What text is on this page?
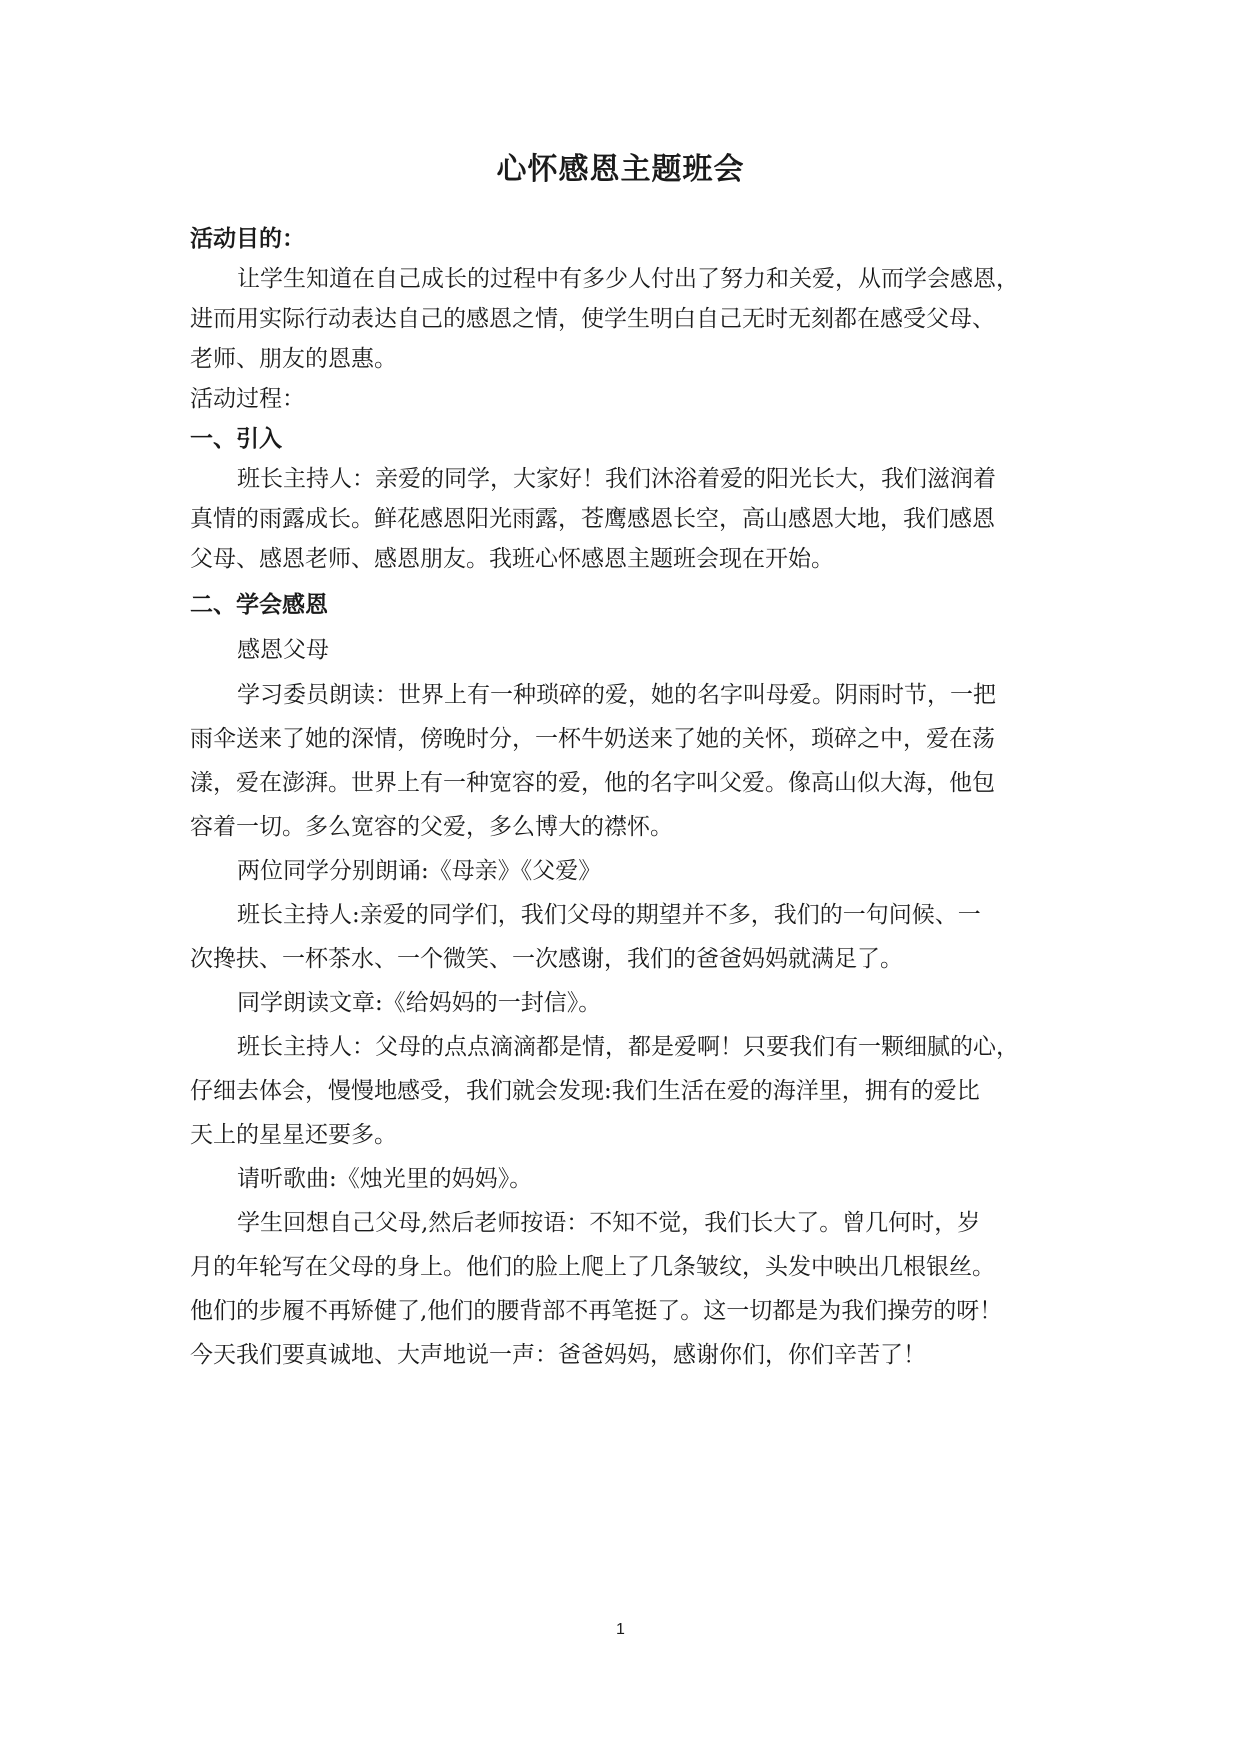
心怀感恩主题班会
活动目的：
让学生知道在自己成长的过程中有多少人付出了努力和关爱，从而学会感恩，
进而用实际行动表达自己的感恩之情，使学生明白自己无时无刻都在感受父母、
老师、朋友的恩惠。
活动过程：
一、引入
班长主持人：亲爱的同学，大家好！我们沐浴着爱的阳光长大，我们滋润着
真情的雨露成长。鲜花感恩阳光雨露，苍鹰感恩长空，高山感恩大地，我们感恩
父母、感恩老师、感恩朋友。我班心怀感恩主题班会现在开始。
二、学会感恩
感恩父母
学习委员朗读：世界上有一种琐碎的爱，她的名字叫母爱。阴雨时节，一把
雨伞送来了她的深情，傍晚时分，一杯牛奶送来了她的关怀，琐碎之中，爱在荡
漾，爱在澎湃。世界上有一种宽容的爱，他的名字叫父爱。像高山似大海，他包
容着一切。多么宽容的父爱，多么博大的襟怀。
两位同学分别朗诵:《母亲》《父爱》
班长主持人:亲爱的同学们，我们父母的期望并不多，我们的一句问候、一
次搀扶、一杯茶水、一个微笑、一次感谢，我们的爸爸妈妈就满足了。
同学朗读文章:《给妈妈的一封信》。
班长主持人：父母的点点滴滴都是情，都是爱啊！只要我们有一颗细腻的心，
仔细去体会，慢慢地感受，我们就会发现:我们生活在爱的海洋里，拥有的爱比
天上的星星还要多。
请听歌曲:《烛光里的妈妈》。
学生回想自己父母,然后老师按语：不知不觉，我们长大了。曾几何时，岁
月的年轮写在父母的身上。他们的脸上爬上了几条皱纹，头发中映出几根银丝。
他们的步履不再矫健了,他们的腰背部不再笔挺了。这一切都是为我们操劳的呀！
今天我们要真诚地、大声地说一声：爸爸妈妈，感谢你们，你们辛苦了！
1
